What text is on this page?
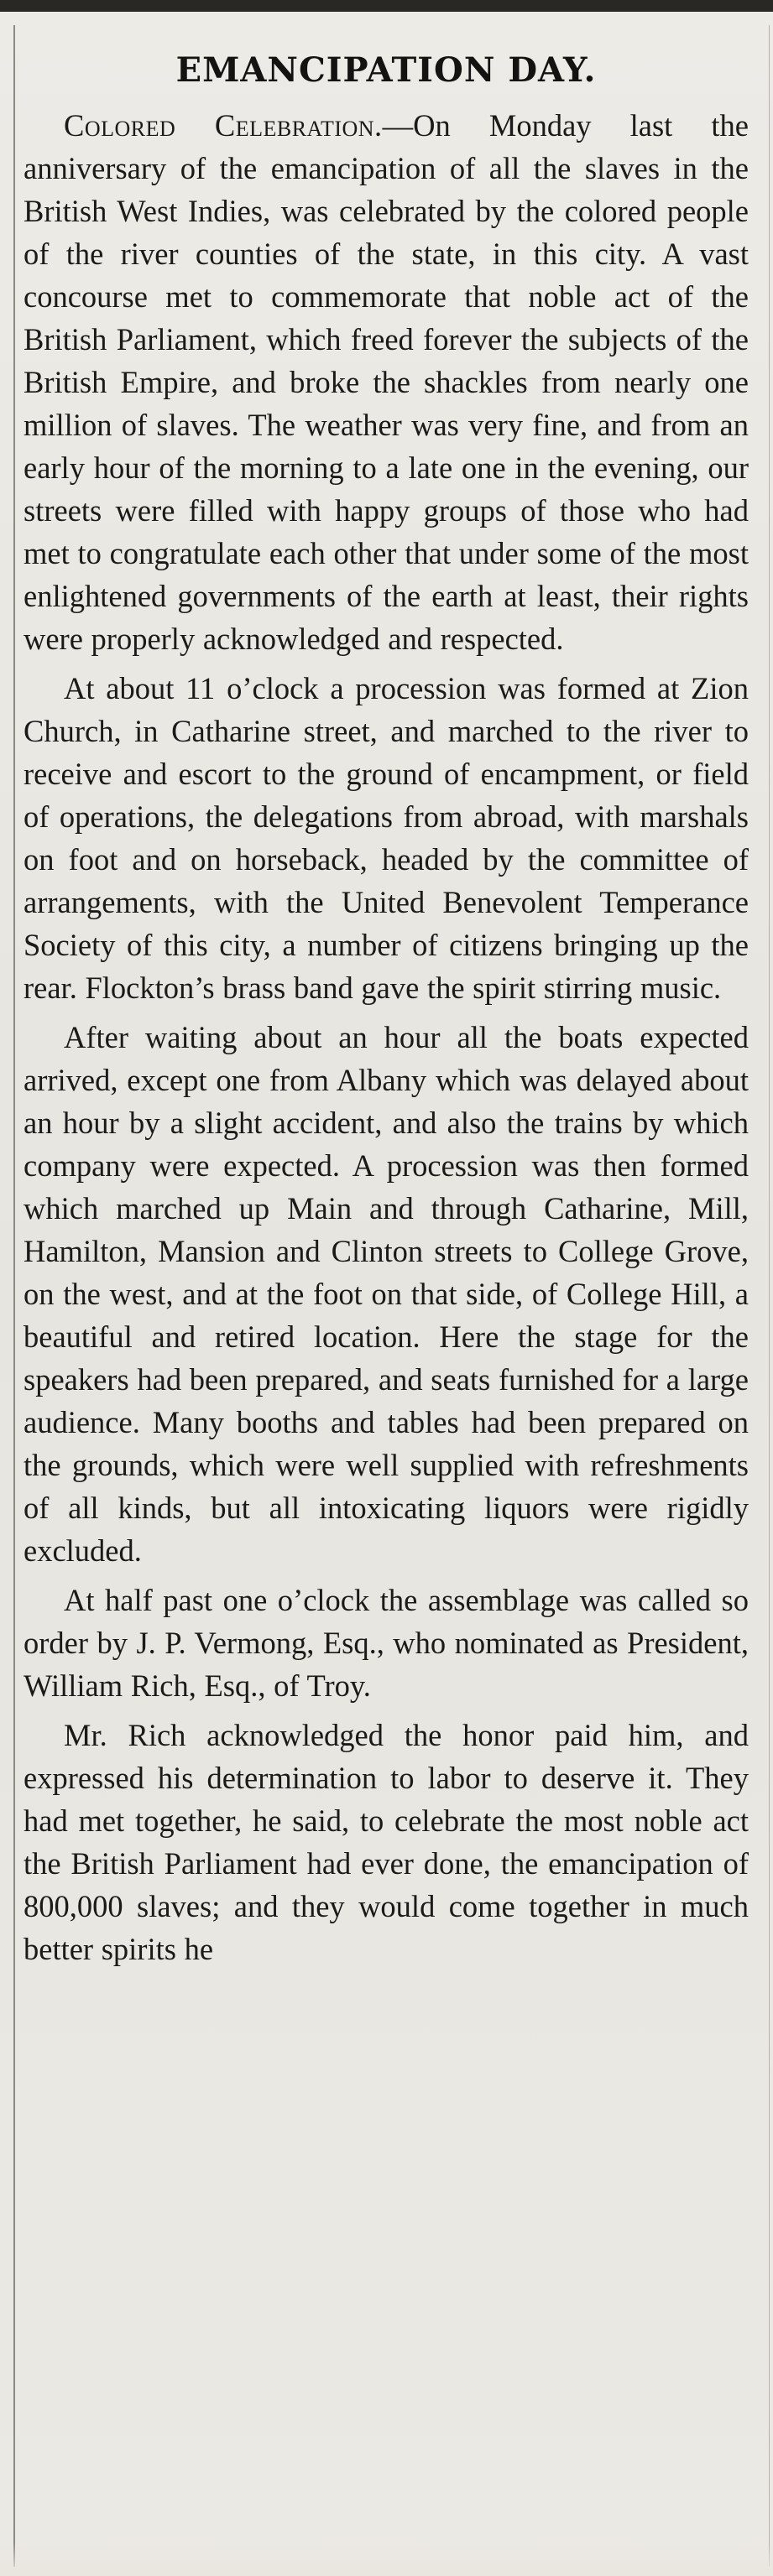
EMANCIPATION DAY.

Colored Celebration.—On Monday last the anniversary of the emancipation of all the slaves in the British West Indies, was celebrated by the colored people of the river counties of the state, in this city. A vast concourse met to commemorate that noble act of the British Parliament, which freed forever the subjects of the British Empire, and broke the shackles from nearly one million of slaves. The weather was very fine, and from an early hour of the morning to a late one in the evening, our streets were filled with happy groups of those who had met to congratulate each other that under some of the most enlightened governments of the earth at least, their rights were properly acknowledged and respected.

At about 11 o’clock a procession was formed at Zion Church, in Catharine street, and marched to the river to receive and escort to the ground of encampment, or field of operations, the delegations from abroad, with marshals on foot and on horseback, headed by the committee of arrangements, with the United Benevolent Temperance Society of this city, a number of citizens bringing up the rear. Flockton’s brass band gave the spirit stirring music.

After waiting about an hour all the boats expected arrived, except one from Albany which was delayed about an hour by a slight accident, and also the trains by which company were expected. A procession was then formed which marched up Main and through Catharine, Mill, Hamilton, Mansion and Clinton streets to College Grove, on the west, and at the foot on that side, of College Hill, a beautiful and retired location. Here the stage for the speakers had been prepared, and seats furnished for a large audience. Many booths and tables had been prepared on the grounds, which were well supplied with refreshments of all kinds, but all intoxicating liquors were rigidly excluded.

At half past one o’clock the assemblage was called so order by J. P. Vermong, Esq., who nominated as President, William Rich, Esq., of Troy.

Mr. Rich acknowledged the honor paid him, and expressed his determination to labor to deserve it. They had met together, he said, to celebrate the most noble act the British Parliament had ever done, the emancipation of 800,000 slaves; and they would come together in much better spirits he
